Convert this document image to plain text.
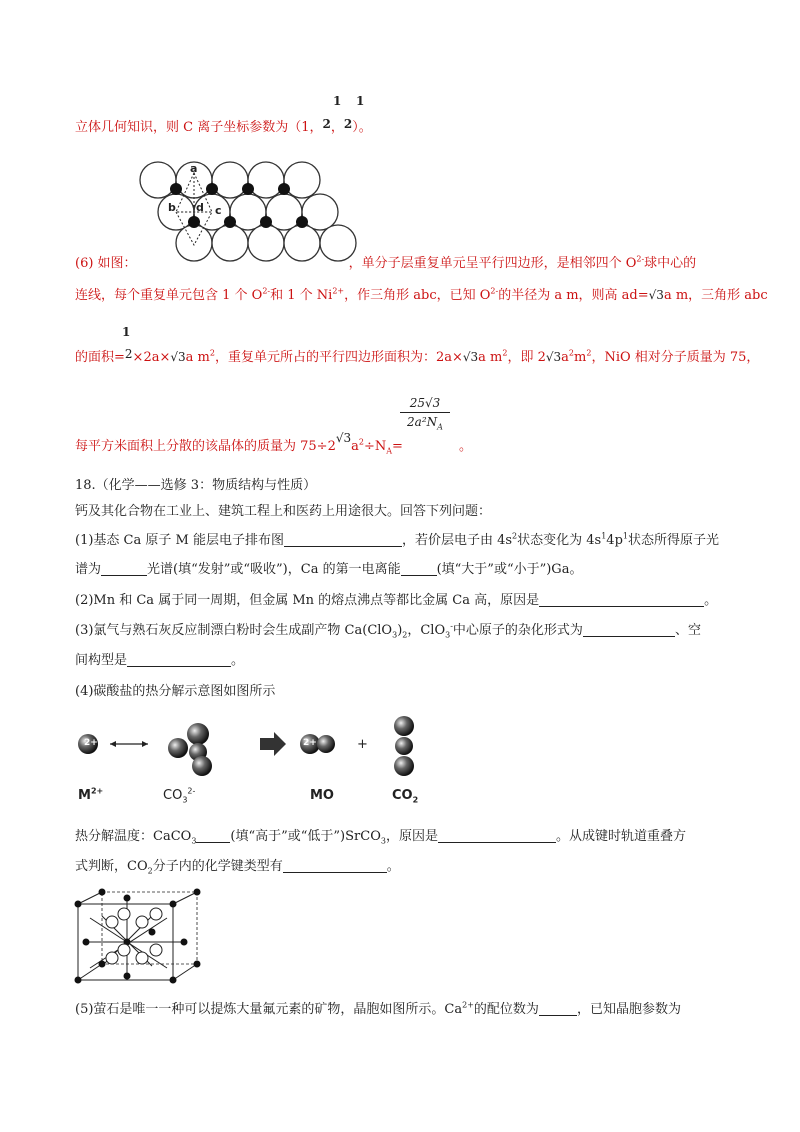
1 1
立体几何知识，则 C 离子坐标参数为（1，2，2）。
a
b d c
(6) 如图：	，单分子层重复单元呈平行四边形，是相邻四个 $O^{2-}$球中心的
连线，每个重复单元包含 1 个 $O^{2-}$和 1 个 $Ni^{2+}$，作三角形 abc，已知 $O^{2-}$的半径为 a m，则高 ad=√3a m，三角形 abc
1
的面积=2×2a×√3a $m^2$，重复单元所占的平行四边形面积为：2a×√3a $m^2$，即 $2√3a^2m^2$，NiO 相对分子质量为 75，
$\frac{25√3}{2a^2N_A}$
每平方米面积上分散的该晶体的质量为 $75\div 2√3a^2\div N_A=$	。
18.（化学——选修 3：物质结构与性质）
钙及其化合物在工业上、建筑工程上和医药上用途很大。回答下列问题：
(1)基态 Ca 原子 M 能层电子排布图	，若价层电子由 $4s^2$状态变化为 $4s^14p^1$状态所得原子光
谱为	光谱(填“发射”或“吸收”)，Ca 的第一电离能	(填“大于”或“小于”)Ga。
(2)Mn 和 Ca 属于同一周期，但金属 Mn 的熔点沸点等都比金属 Ca 高，原因是	。
(3)氯气与熟石灰反应制漂白粉时会生成副产物 $Ca(ClO_3)_2$，ClO$_3$-中心原子的杂化形式为	、空
间构型是	。
(4)碳酸盐的热分解示意图如图所示
2+	2+	+
$M^{2+}$	$CO_3^{2-}$	MO	$CO_2$
热分解温度：CaCO$_3$	(填“高于”或“低于”)SrCO$_3$，原因是	。从成键时轨道重叠方
式判断，$CO_2$分子内的化学键类型有	。
(5)萤石是唯一一种可以提炼大量氟元素的矿物，晶胞如图所示。$Ca^{2+}$的配位数为	，已知晶胞参数为
